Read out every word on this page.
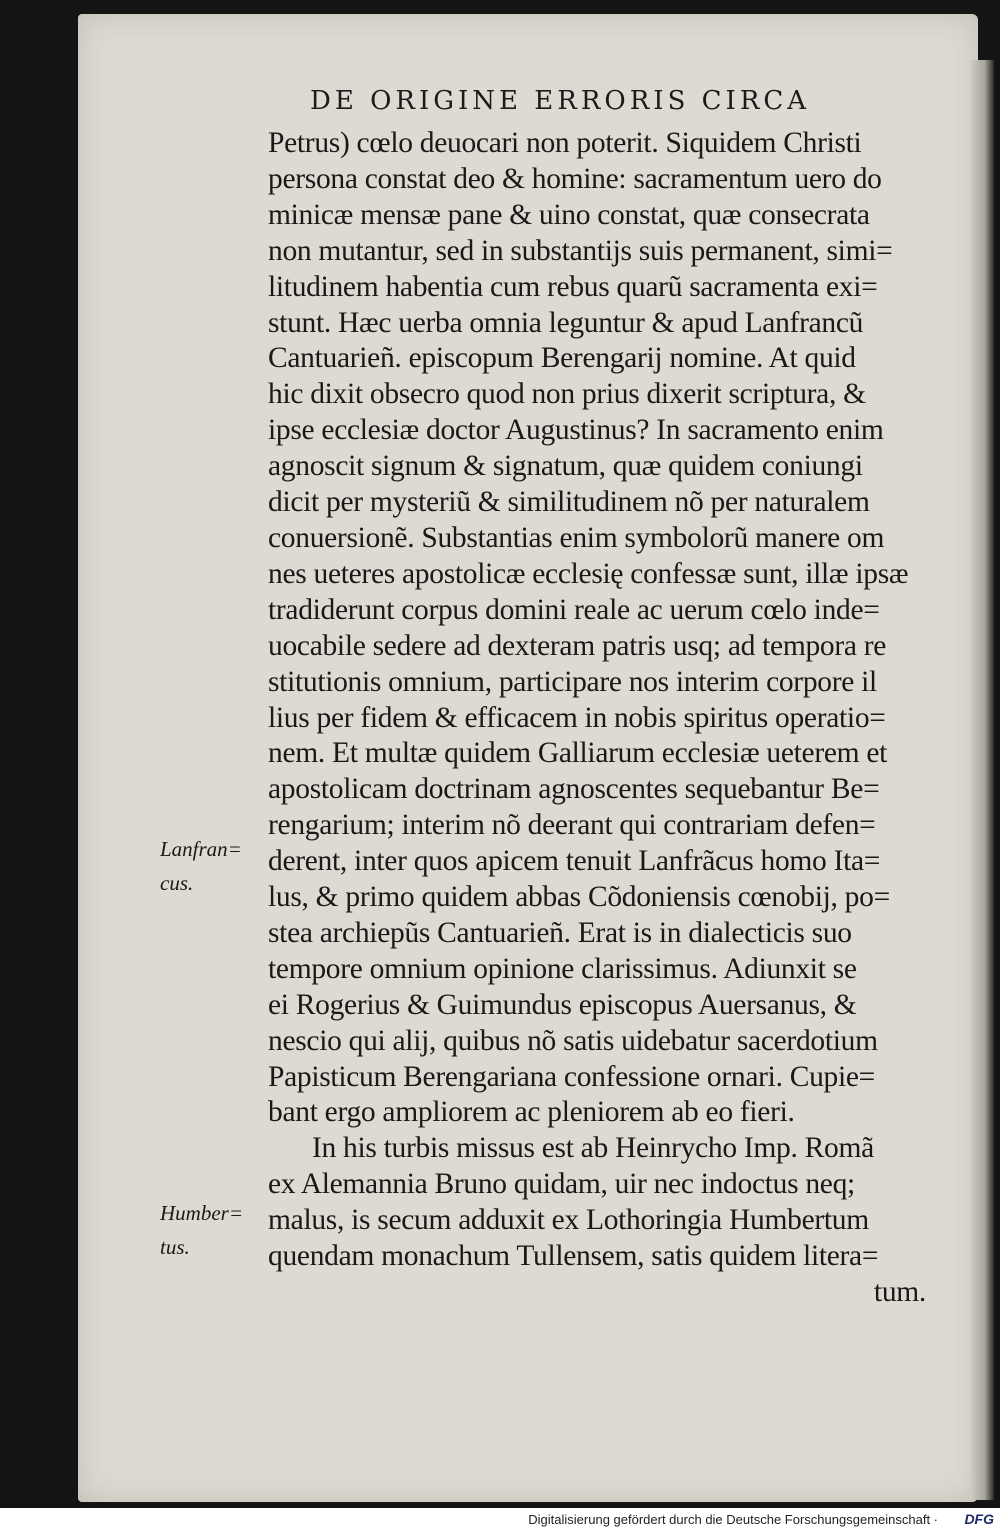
DE ORIGINE ERRORIS CIRCA
Petrus) cœlo deuocari non poterit. Siquidem Christi
persona constat deo & homine: sacramentum uero do
minicæ mensæ pane & uino constat, quæ consecrata
non mutantur, sed in substantijs suis permanent, simi=
litudinem habentia cum rebus quarũ sacramenta exi=
stunt. Hæc uerba omnia leguntur & apud Lanfrancũ
Cantuarieñ. episcopum Berengarij nomine. At quid
hic dixit obsecro quod non prius dixerit scriptura, &
ipse ecclesiæ doctor Augustinus? In sacramento enim
agnoscit signum & signatum, quæ quidem coniungi
dicit per mysteriũ & similitudinem nõ per naturalem
conuersionẽ. Substantias enim symbolorũ manere om
nes ueteres apostolicæ ecclesię confessæ sunt, illæ ipsæ
tradiderunt corpus domini reale ac uerum cœlo inde=
uocabile sedere ad dexteram patris usq; ad tempora re
stitutionis omnium, participare nos interim corpore il
lius per fidem & efficacem in nobis spiritus operatio=
nem. Et multæ quidem Galliarum ecclesiæ ueterem et
apostolicam doctrinam agnoscentes sequebantur Be=
rengarium; interim nõ deerant qui contrariam defen=
derent, inter quos apicem tenuit Lanfrãcus homo Ita=
lus, & primo quidem abbas Cõdoniensis cœnobij, po=
stea archiepũs Cantuarieñ. Erat is in dialecticis suo
tempore omnium opinione clarissimus. Adiunxit se
ei Rogerius & Guimundus episcopus Auersanus, &
nescio qui alij, quibus nõ satis uidebatur sacerdotium
Papisticum Berengariana confessione ornari. Cupie=
bant ergo ampliorem ac pleniorem ab eo fieri.
In his turbis missus est ab Heinrycho Imp. Romã
ex Alemannia Bruno quidam, uir nec indoctus neq;
malus, is secum adduxit ex Lothoringia Humbertum
quendam monachum Tullensem, satis quidem litera=
tum.
Lanfran=
cus.
Humber=
tus.
Digitalisierung gefördert durch die Deutsche Forschungsgemeinschaft · DFG
